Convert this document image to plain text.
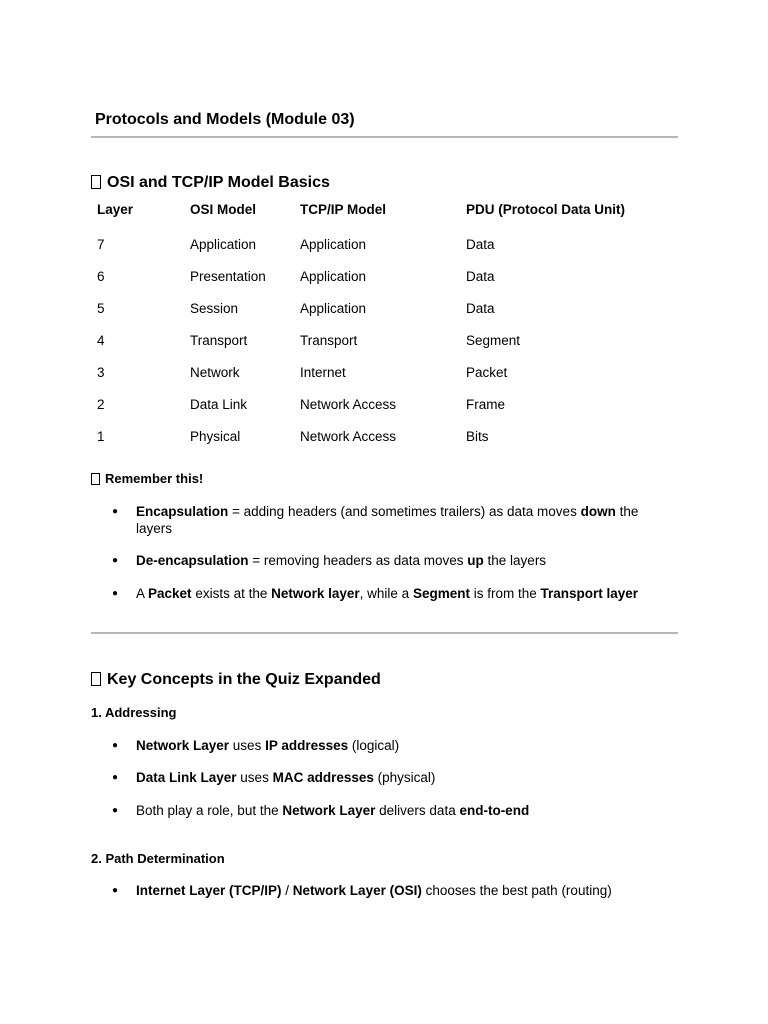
Protocols and Models (Module 03)
OSI and TCP/IP Model Basics
Layer	OSI Model	TCP/IP Model	PDU (Protocol Data Unit)
7	Application	Application	Data
6	Presentation	Application	Data
5	Session	Application	Data
4	Transport	Transport	Segment
3	Network	Internet	Packet
2	Data Link	Network Access	Frame
1	Physical	Network Access	Bits
Remember this!
● Encapsulation = adding headers (and sometimes trailers) as data moves down the layers
● De-encapsulation = removing headers as data moves up the layers
● A Packet exists at the Network layer, while a Segment is from the Transport layer
Key Concepts in the Quiz Expanded
1. Addressing
● Network Layer uses IP addresses (logical)
● Data Link Layer uses MAC addresses (physical)
● Both play a role, but the Network Layer delivers data end-to-end
2. Path Determination
● Internet Layer (TCP/IP) / Network Layer (OSI) chooses the best path (routing)
